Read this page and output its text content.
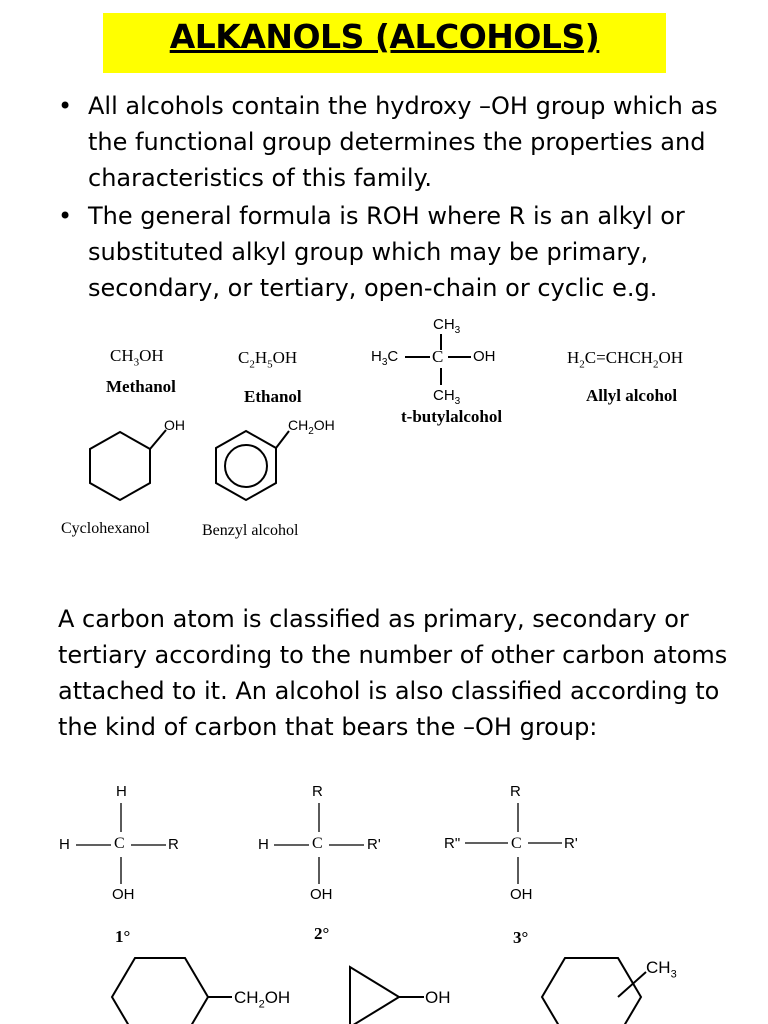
ALKANOLS (ALCOHOLS)
• All alcohols contain the hydroxy –OH group which as the functional group determines the properties and characteristics of this family.
• The general formula is ROH where R is an alkyl or substituted alkyl group which may be primary, secondary, or tertiary, open-chain or cyclic e.g.
$CH_3OH$
Methanol
$C_2H_5OH$
Ethanol
$CH_3$
$H_3C$ C OH
$CH_3$
t-butylalcohol
$H_2C=CHCH_2OH$
Allyl alcohol
OH
Cyclohexanol
$CH_2OH$
Benzyl alcohol
A carbon atom is classified as primary, secondary or tertiary according to the number of other carbon atoms attached to it. An alcohol is also classified according to the kind of carbon that bears the –OH group:
H
H	C	R
OH
1°
R
H	C	R'
OH
2°
R
R"	C	R'
OH
3°
$CH_2OH$	OH
$CH_3$
